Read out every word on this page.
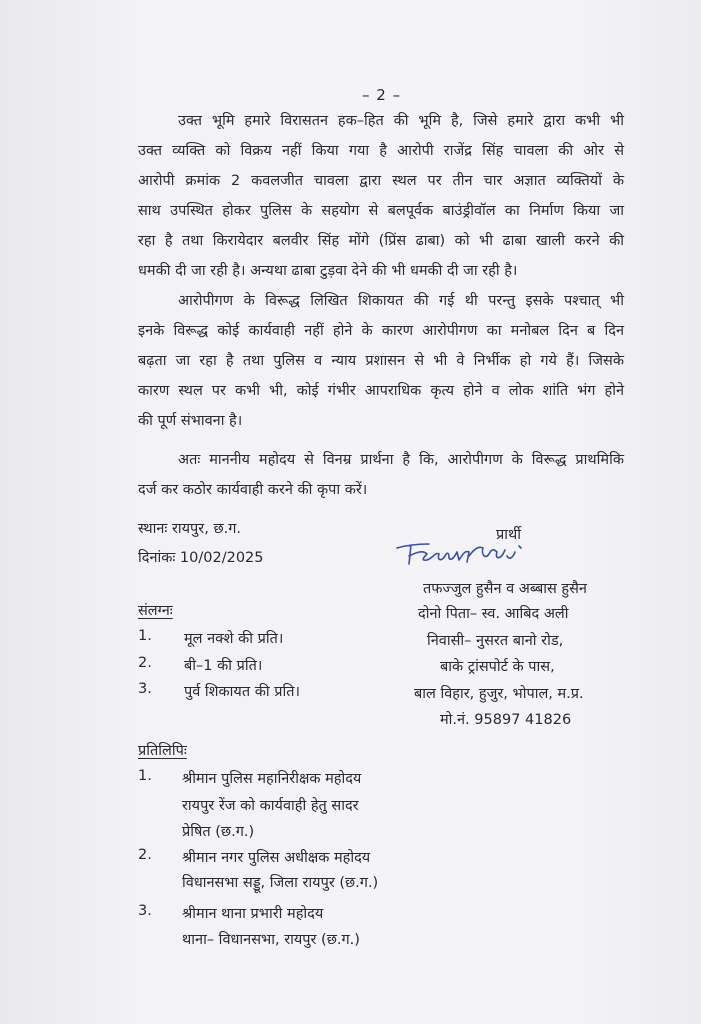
– 2 –
उक्त भूमि हमारे विरासतन हक–हित की भूमि है, जिसे हमारे द्वारा कभी भी
उक्त व्यक्ति को विक्रय नहीं किया गया है आरोपी राजेंद्र सिंह चावला की ओर से
आरोपी क्रमांक 2 कवलजीत चावला द्वारा स्थल पर तीन चार अज्ञात व्यक्तियों के
साथ उपस्थित होकर पुलिस के सहयोग से बलपूर्वक बाउंड्रीवॉल का निर्माण किया जा
रहा है तथा किरायेदार बलवीर सिंह मोंगे (प्रिंस ढाबा) को भी ढाबा खाली करने की
धमकी दी जा रही है। अन्यथा ढाबा टुड़वा देने की भी धमकी दी जा रही है।
आरोपीगण के विरूद्ध लिखित शिकायत की गई थी परन्तु इसके पश्चात् भी
इनके विरूद्ध कोई कार्यवाही नहीं होने के कारण आरोपीगण का मनोबल दिन ब दिन
बढ़ता जा रहा है तथा पुलिस व न्याय प्रशासन से भी वे निर्भीक हो गये हैं। जिसके
कारण स्थल पर कभी भी, कोई गंभीर आपराधिक कृत्य होने व लोक शांति भंग होने
की पूर्ण संभावना है।
अतः माननीय महोदय से विनम्र प्रार्थना है कि, आरोपीगण के विरूद्ध प्राथमिकि
दर्ज कर कठोर कार्यवाही करने की कृपा करें।
स्थानः रायपुर, छ.ग.
दिनांकः 10/02/2025
प्रार्थी
तफज्जुल हुसैन व अब्बास हुसैन
दोनो पिता– स्व. आबिद अली
निवासी– नुसरत बानो रोड,
बाके ट्रांसपोर्ट के पास,
बाल विहार, हुजुर, भोपाल, म.प्र.
मो.नं. 95897 41826
संलग्नः
1. मूल नक्शे की प्रति।
2. बी–1 की प्रति।
3. पुर्व शिकायत की प्रति।
प्रतिलिपिः
1. श्रीमान पुलिस महानिरीक्षक महोदय
रायपुर रेंज को कार्यवाही हेतु सादर
प्रेषित (छ.ग.)
2. श्रीमान नगर पुलिस अधीक्षक महोदय
विधानसभा सड्डू, जिला रायपुर (छ.ग.)
3. श्रीमान थाना प्रभारी महोदय
थाना– विधानसभा, रायपुर (छ.ग.)
